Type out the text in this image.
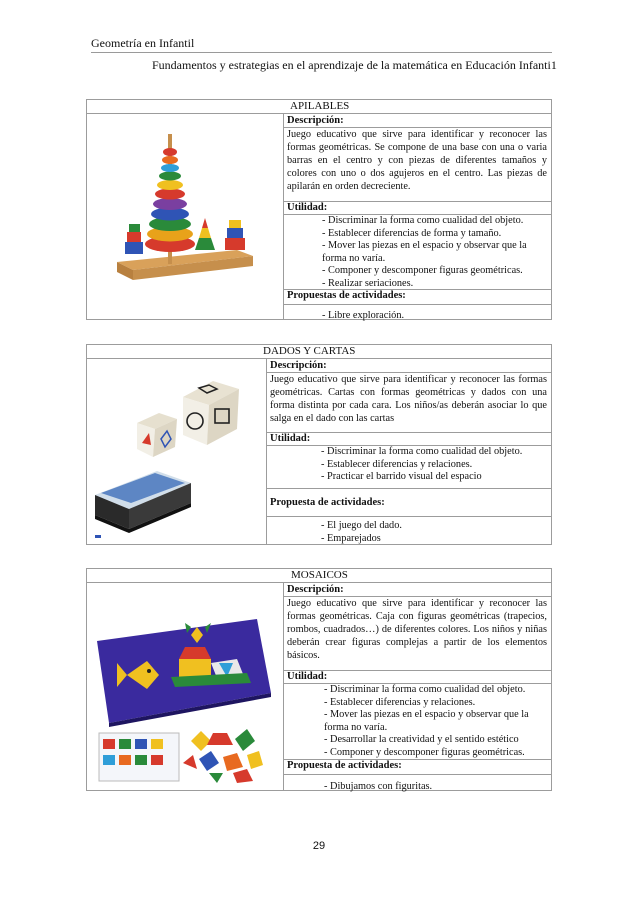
Geometría en Infantil
Fundamentos y estrategias en el aprendizaje de la matemática en Educación Infanti1
APILABLES
Descripción:
Juego educativo que sirve para identificar y reconocer las formas geométricas. Se compone de una base con una o varia barras en el centro y con piezas de diferentes tamaños y colores con uno o dos agujeros en el centro. Las piezas de apilarán en orden decreciente.
Utilidad:
- Discriminar la forma como cualidad del objeto.
- Establecer diferencias de forma y tamaño.
- Mover las piezas en el espacio y observar que la forma no varía.
- Componer y descomponer figuras geométricas.
- Realizar seriaciones.
Propuestas de actividades:
- Libre exploración.
DADOS Y CARTAS
Descripción:
Juego educativo que sirve para identificar y reconocer las formas geométricas. Cartas con formas geométricas y dados con una forma distinta por cada cara. Los niños/as deberán asociar lo que salga en el dado con las cartas
Utilidad:
- Discriminar la forma como cualidad del objeto.
- Establecer diferencias y relaciones.
- Practicar el barrido visual del espacio
Propuesta de actividades:
- El juego del dado.
- Emparejados
MOSAICOS
Descripción:
Juego educativo que sirve para identificar y reconocer las formas geométricas. Caja con figuras geométricas (trapecios, rombos, cuadrados…) de diferentes colores. Los niños y niñas deberán crear figuras complejas a partir de los elementos básicos.
Utilidad:
- Discriminar la forma como cualidad del objeto.
- Establecer diferencias y relaciones.
- Mover las piezas en el espacio y observar que la forma no varía.
- Desarrollar la creatividad y el sentido estético
- Componer y descomponer figuras geométricas.
Propuesta de actividades:
- Dibujamos con figuritas.
29
